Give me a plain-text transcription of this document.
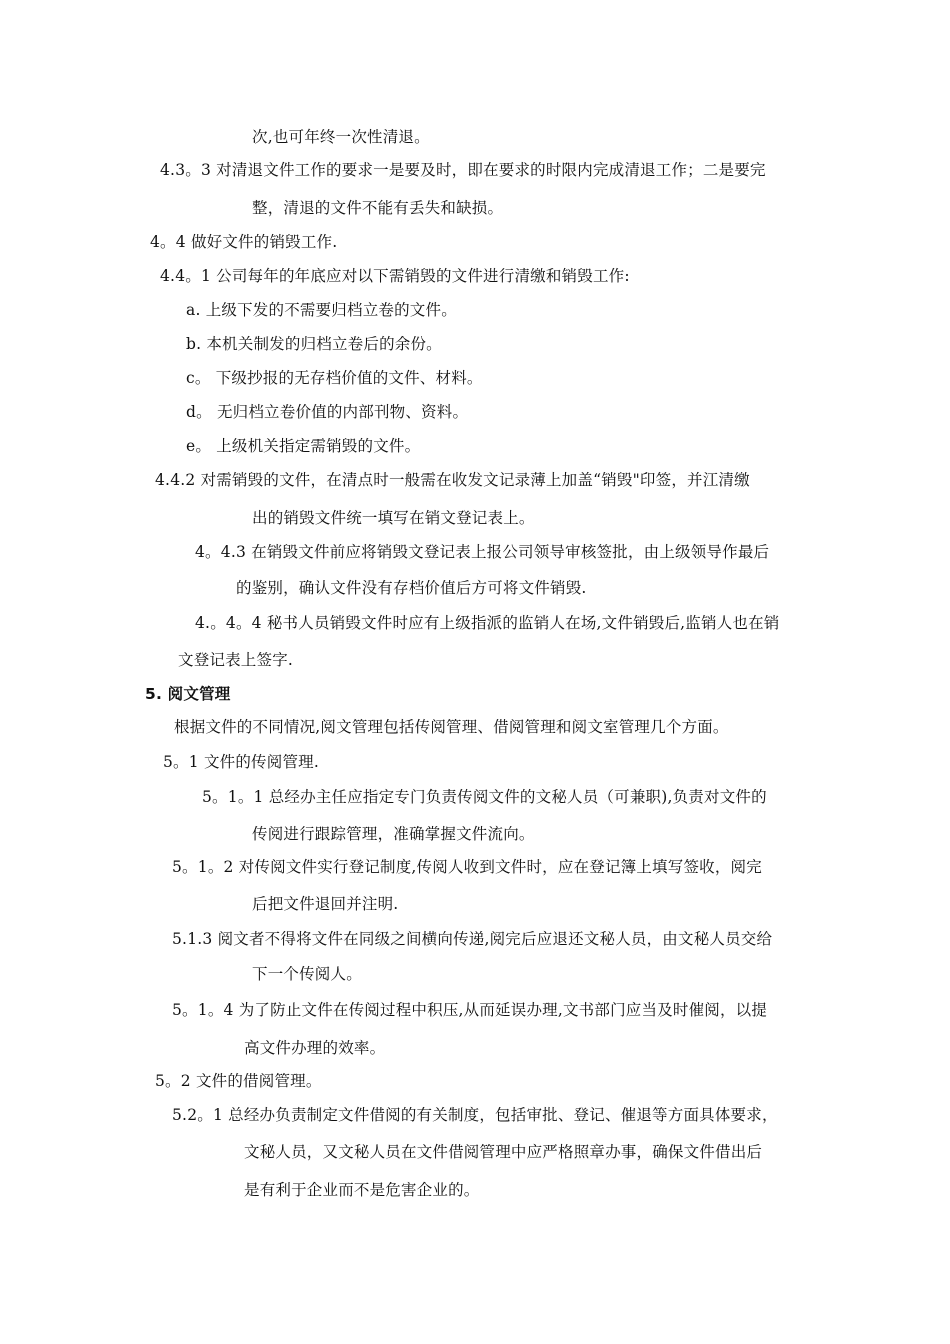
次,也可年终一次性清退。
4.3。3 对清退文件工作的要求一是要及时，即在要求的时限内完成清退工作；二是要完
整，清退的文件不能有丢失和缺损。
4。4 做好文件的销毁工作.
4.4。1 公司每年的年底应对以下需销毁的文件进行清缴和销毁工作:
a. 上级下发的不需要归档立卷的文件。
b. 本机关制发的归档立卷后的余份。
c。 下级抄报的无存档价值的文件、材料。
d。 无归档立卷价值的内部刊物、资料。
e。 上级机关指定需销毁的文件。
4.4.2 对需销毁的文件，在清点时一般需在收发文记录薄上加盖“销毁"印签，并江清缴
出的销毁文件统一填写在销文登记表上。
4。4.3 在销毁文件前应将销毁文登记表上报公司领导审核签批，由上级领导作最后
的鉴别，确认文件没有存档价值后方可将文件销毁.
4.。4。4 秘书人员销毁文件时应有上级指派的监销人在场,文件销毁后,监销人也在销
文登记表上签字.
5. 阅文管理
根据文件的不同情况,阅文管理包括传阅管理、借阅管理和阅文室管理几个方面。
5。1 文件的传阅管理.
5。1。1 总经办主任应指定专门负责传阅文件的文秘人员（可兼职),负责对文件的
传阅进行跟踪管理，准确掌握文件流向。
5。1。2 对传阅文件实行登记制度,传阅人收到文件时，应在登记簿上填写签收，阅完
后把文件退回并注明.
5.1.3 阅文者不得将文件在同级之间横向传递,阅完后应退还文秘人员，由文秘人员交给
下一个传阅人。
5。1。4 为了防止文件在传阅过程中积压,从而延误办理,文书部门应当及时催阅，以提
高文件办理的效率。
5。2 文件的借阅管理。
5.2。1 总经办负责制定文件借阅的有关制度，包括审批、登记、催退等方面具体要求，
文秘人员，又文秘人员在文件借阅管理中应严格照章办事，确保文件借出后
是有利于企业而不是危害企业的。
